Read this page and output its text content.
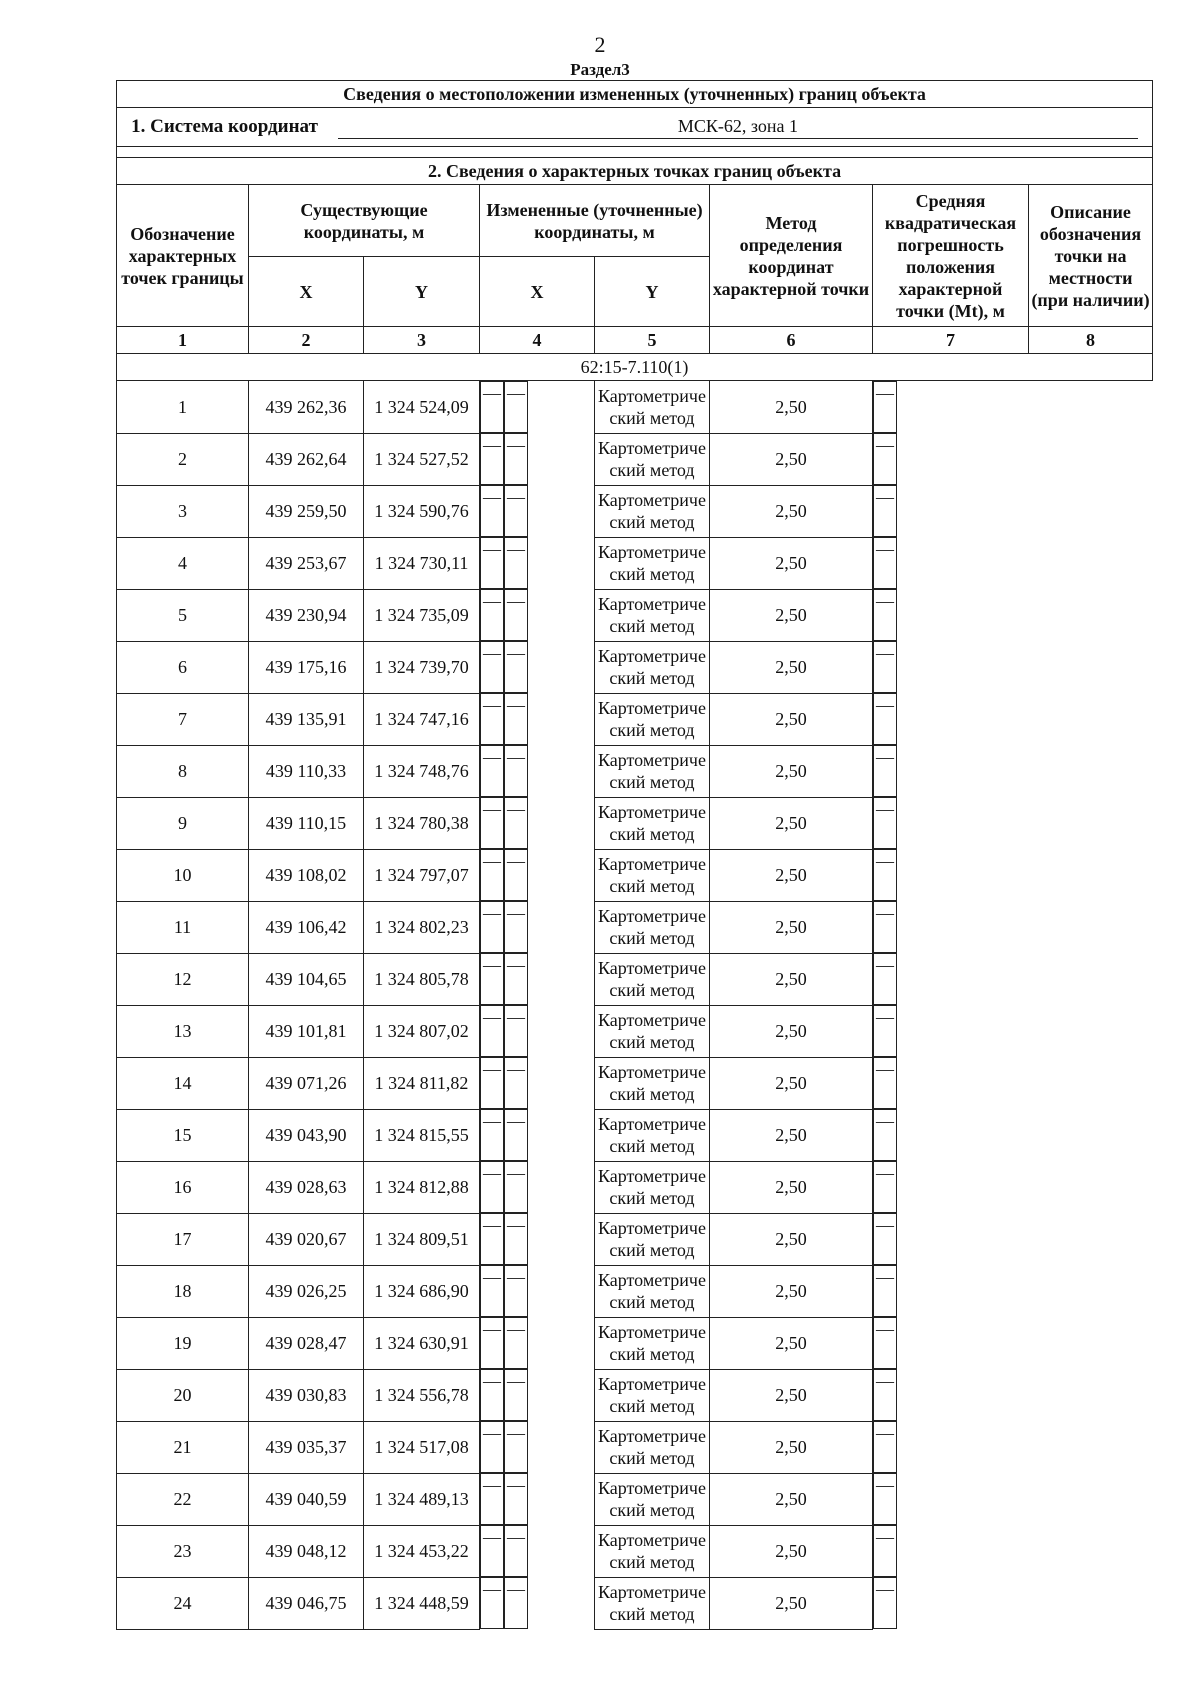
2
Раздел3
Сведения о местоположении измененных (уточненных) границ объекта							
1. Система координат МСК-62, зона 1							

2. Сведения о характерных точках границ объекта							
Обозначение характерных точек границы	Существующие координаты, м		Измененные (уточненные) координаты, м		Метод определения координат характерной точки	Средняя квадратическая погрешность положения характерной точки (Mt), м	Описание обозначения точки на местности (при наличии)
	X	Y	X	Y			
1	2	3	4	5	6	7	8
62:15-7.110(1)							
1	439 262,36	1 324 524,09	— —	Картометрический метод	2,50	—
2	439 262,64	1 324 527,52	— —	Картометрический метод	2,50	—
3	439 259,50	1 324 590,76	— —	Картометрический метод	2,50	—
4	439 253,67	1 324 730,11	— —	Картометрический метод	2,50	—
5	439 230,94	1 324 735,09	— —	Картометрический метод	2,50	—
6	439 175,16	1 324 739,70	— —	Картометрический метод	2,50	—
7	439 135,91	1 324 747,16	— —	Картометрический метод	2,50	—
8	439 110,33	1 324 748,76	— —	Картометрический метод	2,50	—
9	439 110,15	1 324 780,38	— —	Картометрический метод	2,50	—
10	439 108,02	1 324 797,07	— —	Картометрический метод	2,50	—
11	439 106,42	1 324 802,23	— —	Картометрический метод	2,50	—
12	439 104,65	1 324 805,78	— —	Картометрический метод	2,50	—
13	439 101,81	1 324 807,02	— —	Картометрический метод	2,50	—
14	439 071,26	1 324 811,82	— —	Картометрический метод	2,50	—
15	439 043,90	1 324 815,55	— —	Картометрический метод	2,50	—
16	439 028,63	1 324 812,88	— —	Картометрический метод	2,50	—
17	439 020,67	1 324 809,51	— —	Картометрический метод	2,50	—
18	439 026,25	1 324 686,90	— —	Картометрический метод	2,50	—
19	439 028,47	1 324 630,91	— —	Картометрический метод	2,50	—
20	439 030,83	1 324 556,78	— —	Картометрический метод	2,50	—
21	439 035,37	1 324 517,08	— —	Картометрический метод	2,50	—
22	439 040,59	1 324 489,13	— —	Картометрический метод	2,50	—
23	439 048,12	1 324 453,22	— —	Картометрический метод	2,50	—
24	439 046,75	1 324 448,59	— —	Картометрический метод	2,50	—
